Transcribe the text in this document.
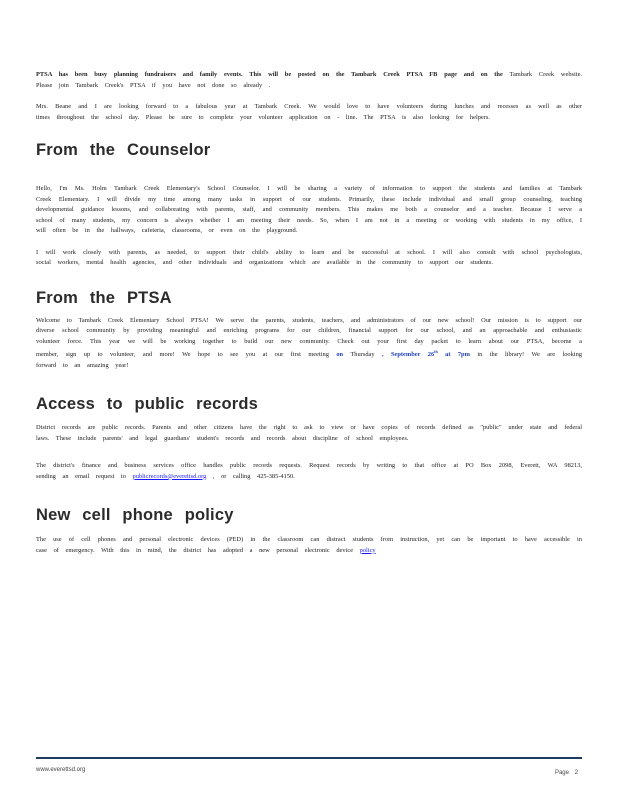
PTSA has been busy planning fundraisers and family events. This will be posted on the Tambark Creek PTSA FB page and on the Tambark Creek website. Please join Tambark Creek's PTSA if you have not done so already .

Mrs. Beane and I are looking forward to a fabulous year at Tambark Creek. We would love to have volunteers during lunches and recesses as well as other times throughout the school day. Please be sure to complete your volunteer application on - line. The PTSA is also looking for helpers.

From the Counselor

Hello, I'm Ms. Holm Tambark Creek Elementary's School Counselor. I will be sharing a variety of information to support the students and families at Tambark Creek Elementary. I will divide my time among many tasks in support of our students. Primarily, these include individual and small group counseling, teaching developmental guidance lessons, and collaborating with parents, staff, and community members. This makes me both a counselor and a teacher. Because I serve a school of many students, my concern is always whether I am meeting their needs. So, when I am not in a meeting or working with students in my office, I will often be in the hallways, cafeteria, classrooms, or even on the playground.

I will work closely with parents, as needed, to support their child's ability to learn and be successful at school. I will also consult with school psychologists, social workers, mental health agencies, and other individuals and organizations which are available in the community to support our students.

From the PTSA

Welcome to Tambark Creek Elementary School PTSA! We serve the parents, students, teachers, and administrators of our new school! Our mission is to support our diverse school community by providing meaningful and enriching programs for our children, financial support for our school, and an approachable and enthusiastic volunteer force. This year we will be working together to build our new community. Check out your first day packet to learn about our PTSA, become a member, sign up to volunteer, and more! We hope to see you at our first meeting on Thursday , September 26th at 7pm in the library! We are looking forward to an amazing year!

Access to public records

District records are public records. Parents and other citizens have the right to ask to view or have copies of records defined as "public" under state and federal laws. These include parents' and legal guardians' student's records and records about discipline of school employees.

The district's finance and business services office handles public records requests. Request records by writing to that office at PO Box 2098, Everett, WA 98213, sending an email request to publicrecords@everettsd.org , or calling 425-385-4150.

New cell phone policy

The use of cell phones and personal electronic devices (PED) in the classroom can distract students from instruction, yet can be important to have accessible in case of emergency. With this in mind, the district has adopted a new personal electronic device policy

www.everettsd.org	Page 2
